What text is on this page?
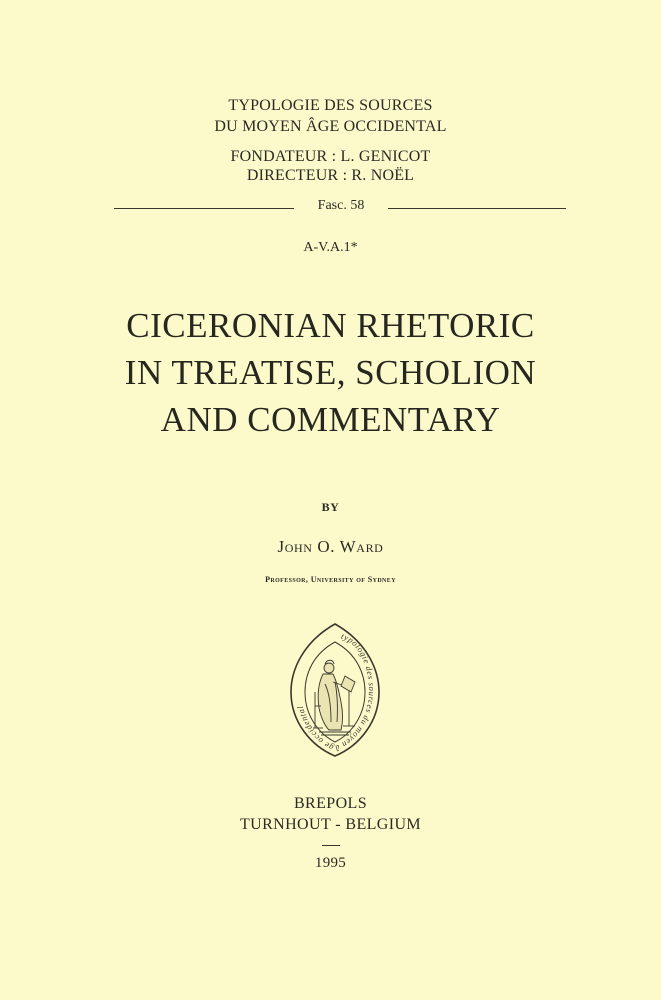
TYPOLOGIE DES SOURCES
DU MOYEN ÂGE OCCIDENTAL
FONDATEUR : L. GENICOT
DIRECTEUR : R. NOËL
Fasc. 58
A-V.A.1*
CICERONIAN RHETORIC
IN TREATISE, SCHOLION
AND COMMENTARY
BY
John O. Ward
Professor, University of Sydney
typologie des sources du moyen âge occidental
BREPOLS
TURNHOUT - BELGIUM
1995
